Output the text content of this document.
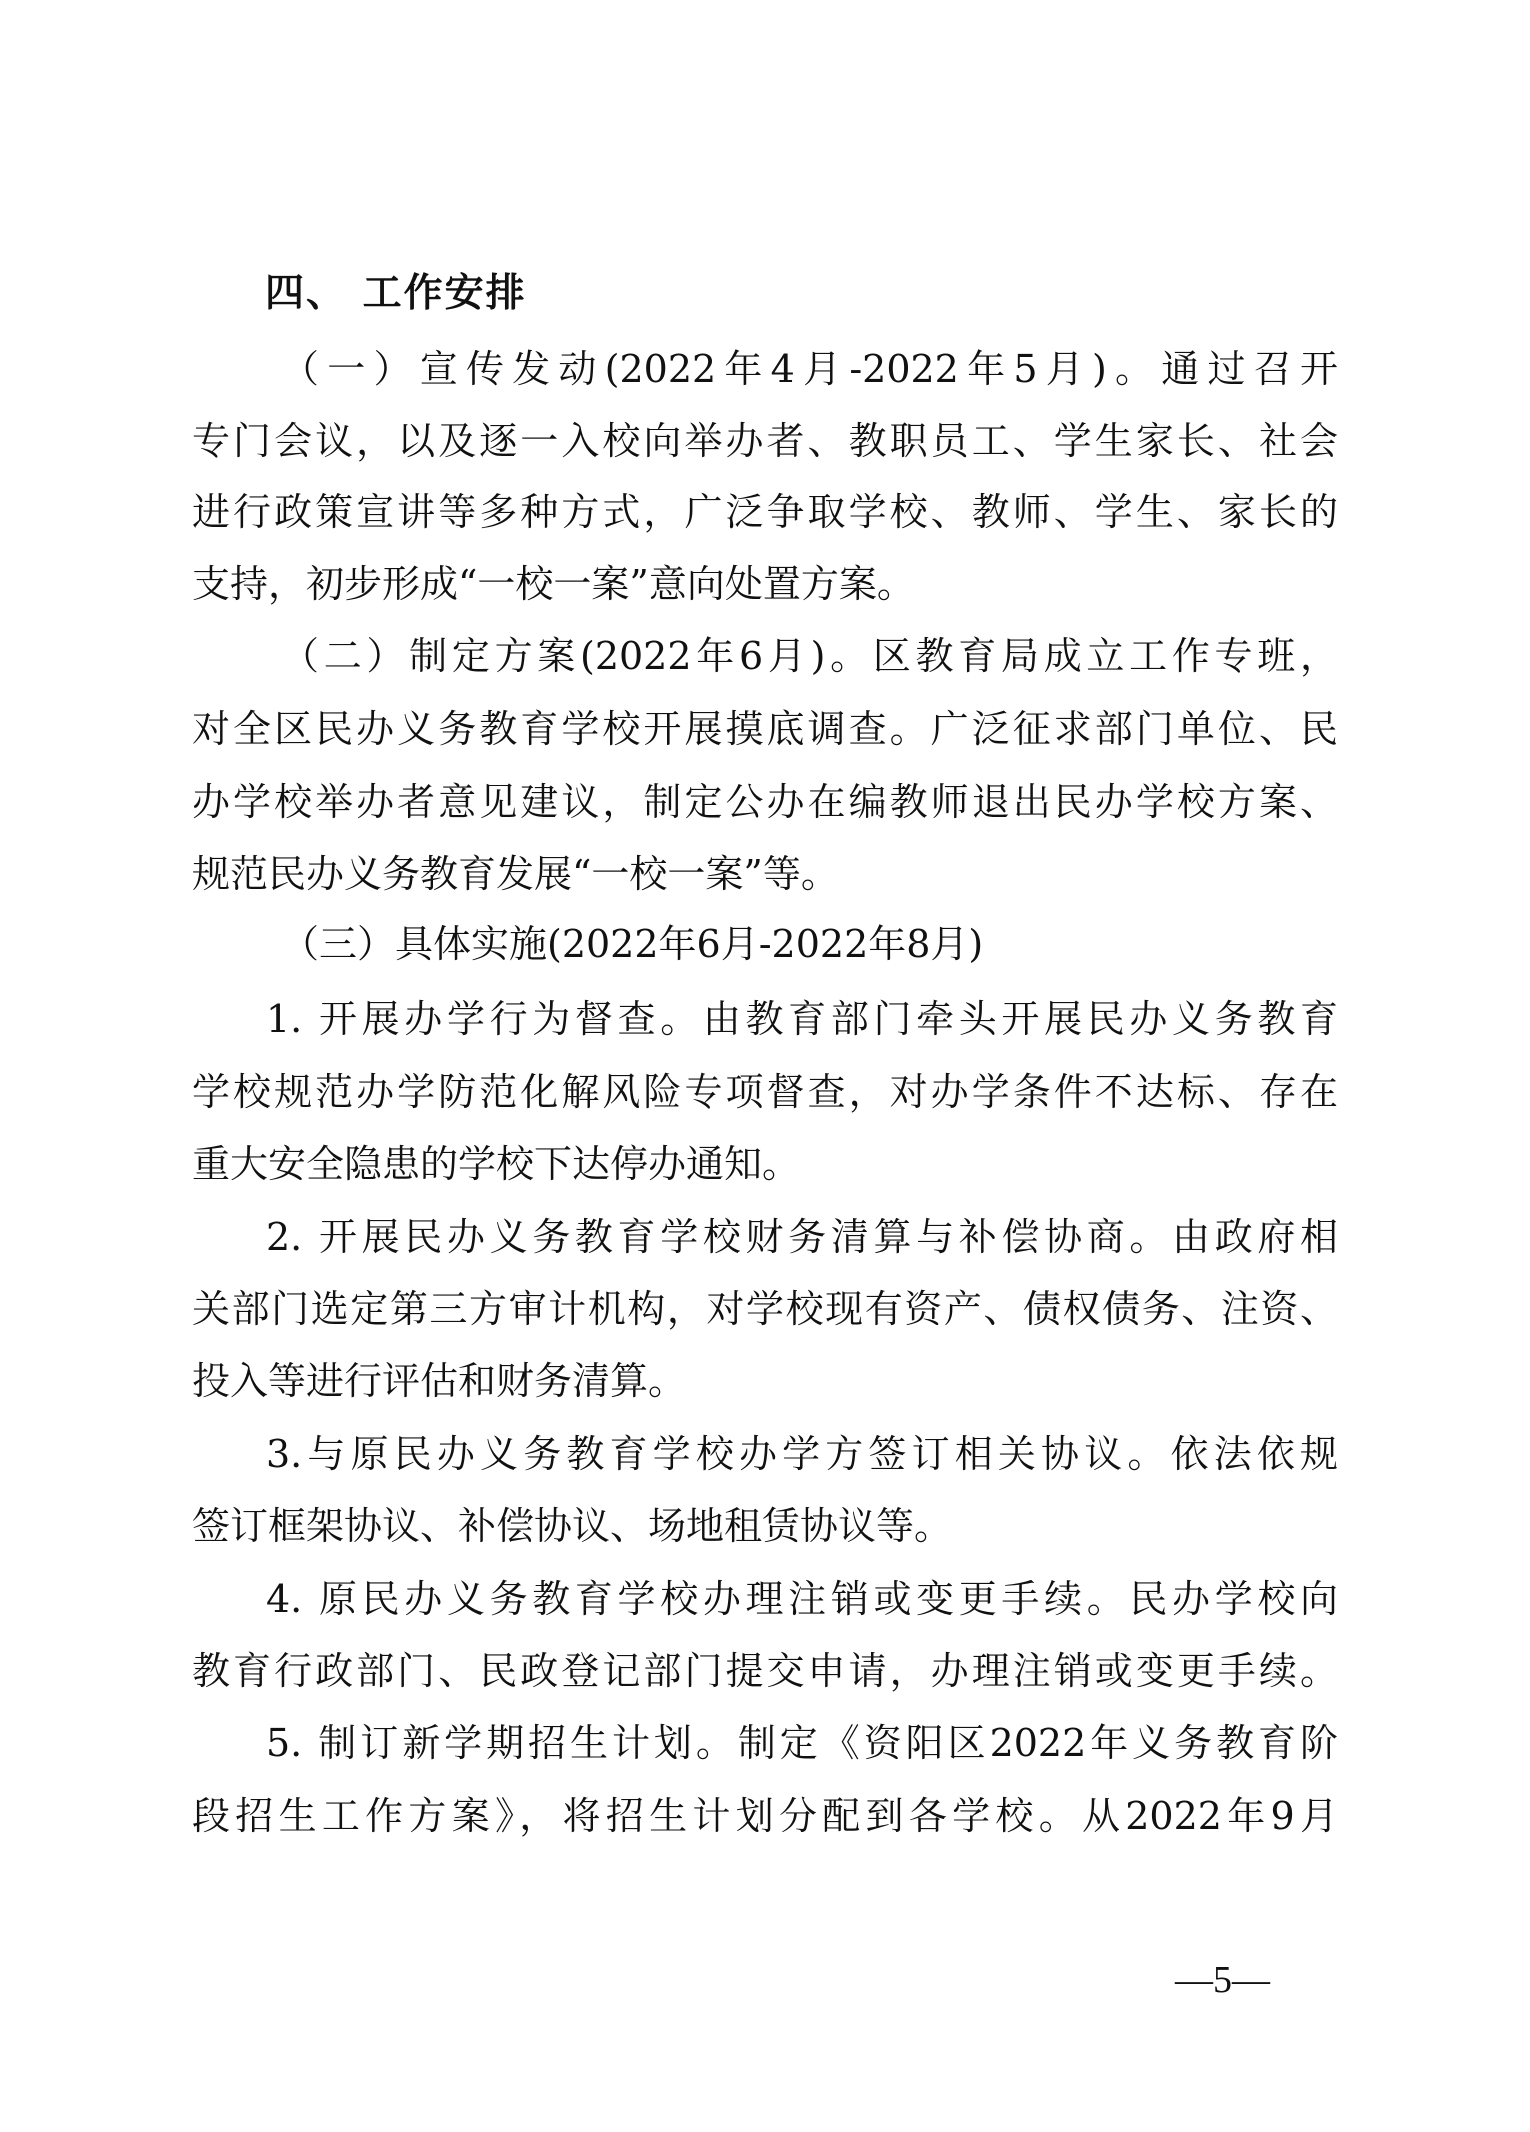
四、 工作安排
（一）宣传发动(2022年4月-2022年5月)。通过召开
专门会议，以及逐一入校向举办者、教职员工、学生家长、社会
进行政策宣讲等多种方式，广泛争取学校、教师、学生、家长的
支持，初步形成“一校一案”意向处置方案。
（二）制定方案(2022年6月)。区教育局成立工作专班，
对全区民办义务教育学校开展摸底调查。广泛征求部门单位、民
办学校举办者意见建议，制定公办在编教师退出民办学校方案、
规范民办义务教育发展“一校一案”等。
（三）具体实施(2022年6月-2022年8月)
1. 开展办学行为督查。由教育部门牵头开展民办义务教育
学校规范办学防范化解风险专项督查，对办学条件不达标、存在
重大安全隐患的学校下达停办通知。
2. 开展民办义务教育学校财务清算与补偿协商。由政府相
关部门选定第三方审计机构，对学校现有资产、债权债务、注资、
投入等进行评估和财务清算。
3.与原民办义务教育学校办学方签订相关协议。依法依规
签订框架协议、补偿协议、场地租赁协议等。
4. 原民办义务教育学校办理注销或变更手续。民办学校向
教育行政部门、民政登记部门提交申请，办理注销或变更手续。
5. 制订新学期招生计划。制定《资阳区2022年义务教育阶
段招生工作方案》，将招生计划分配到各学校。从2022年9月
—5—
